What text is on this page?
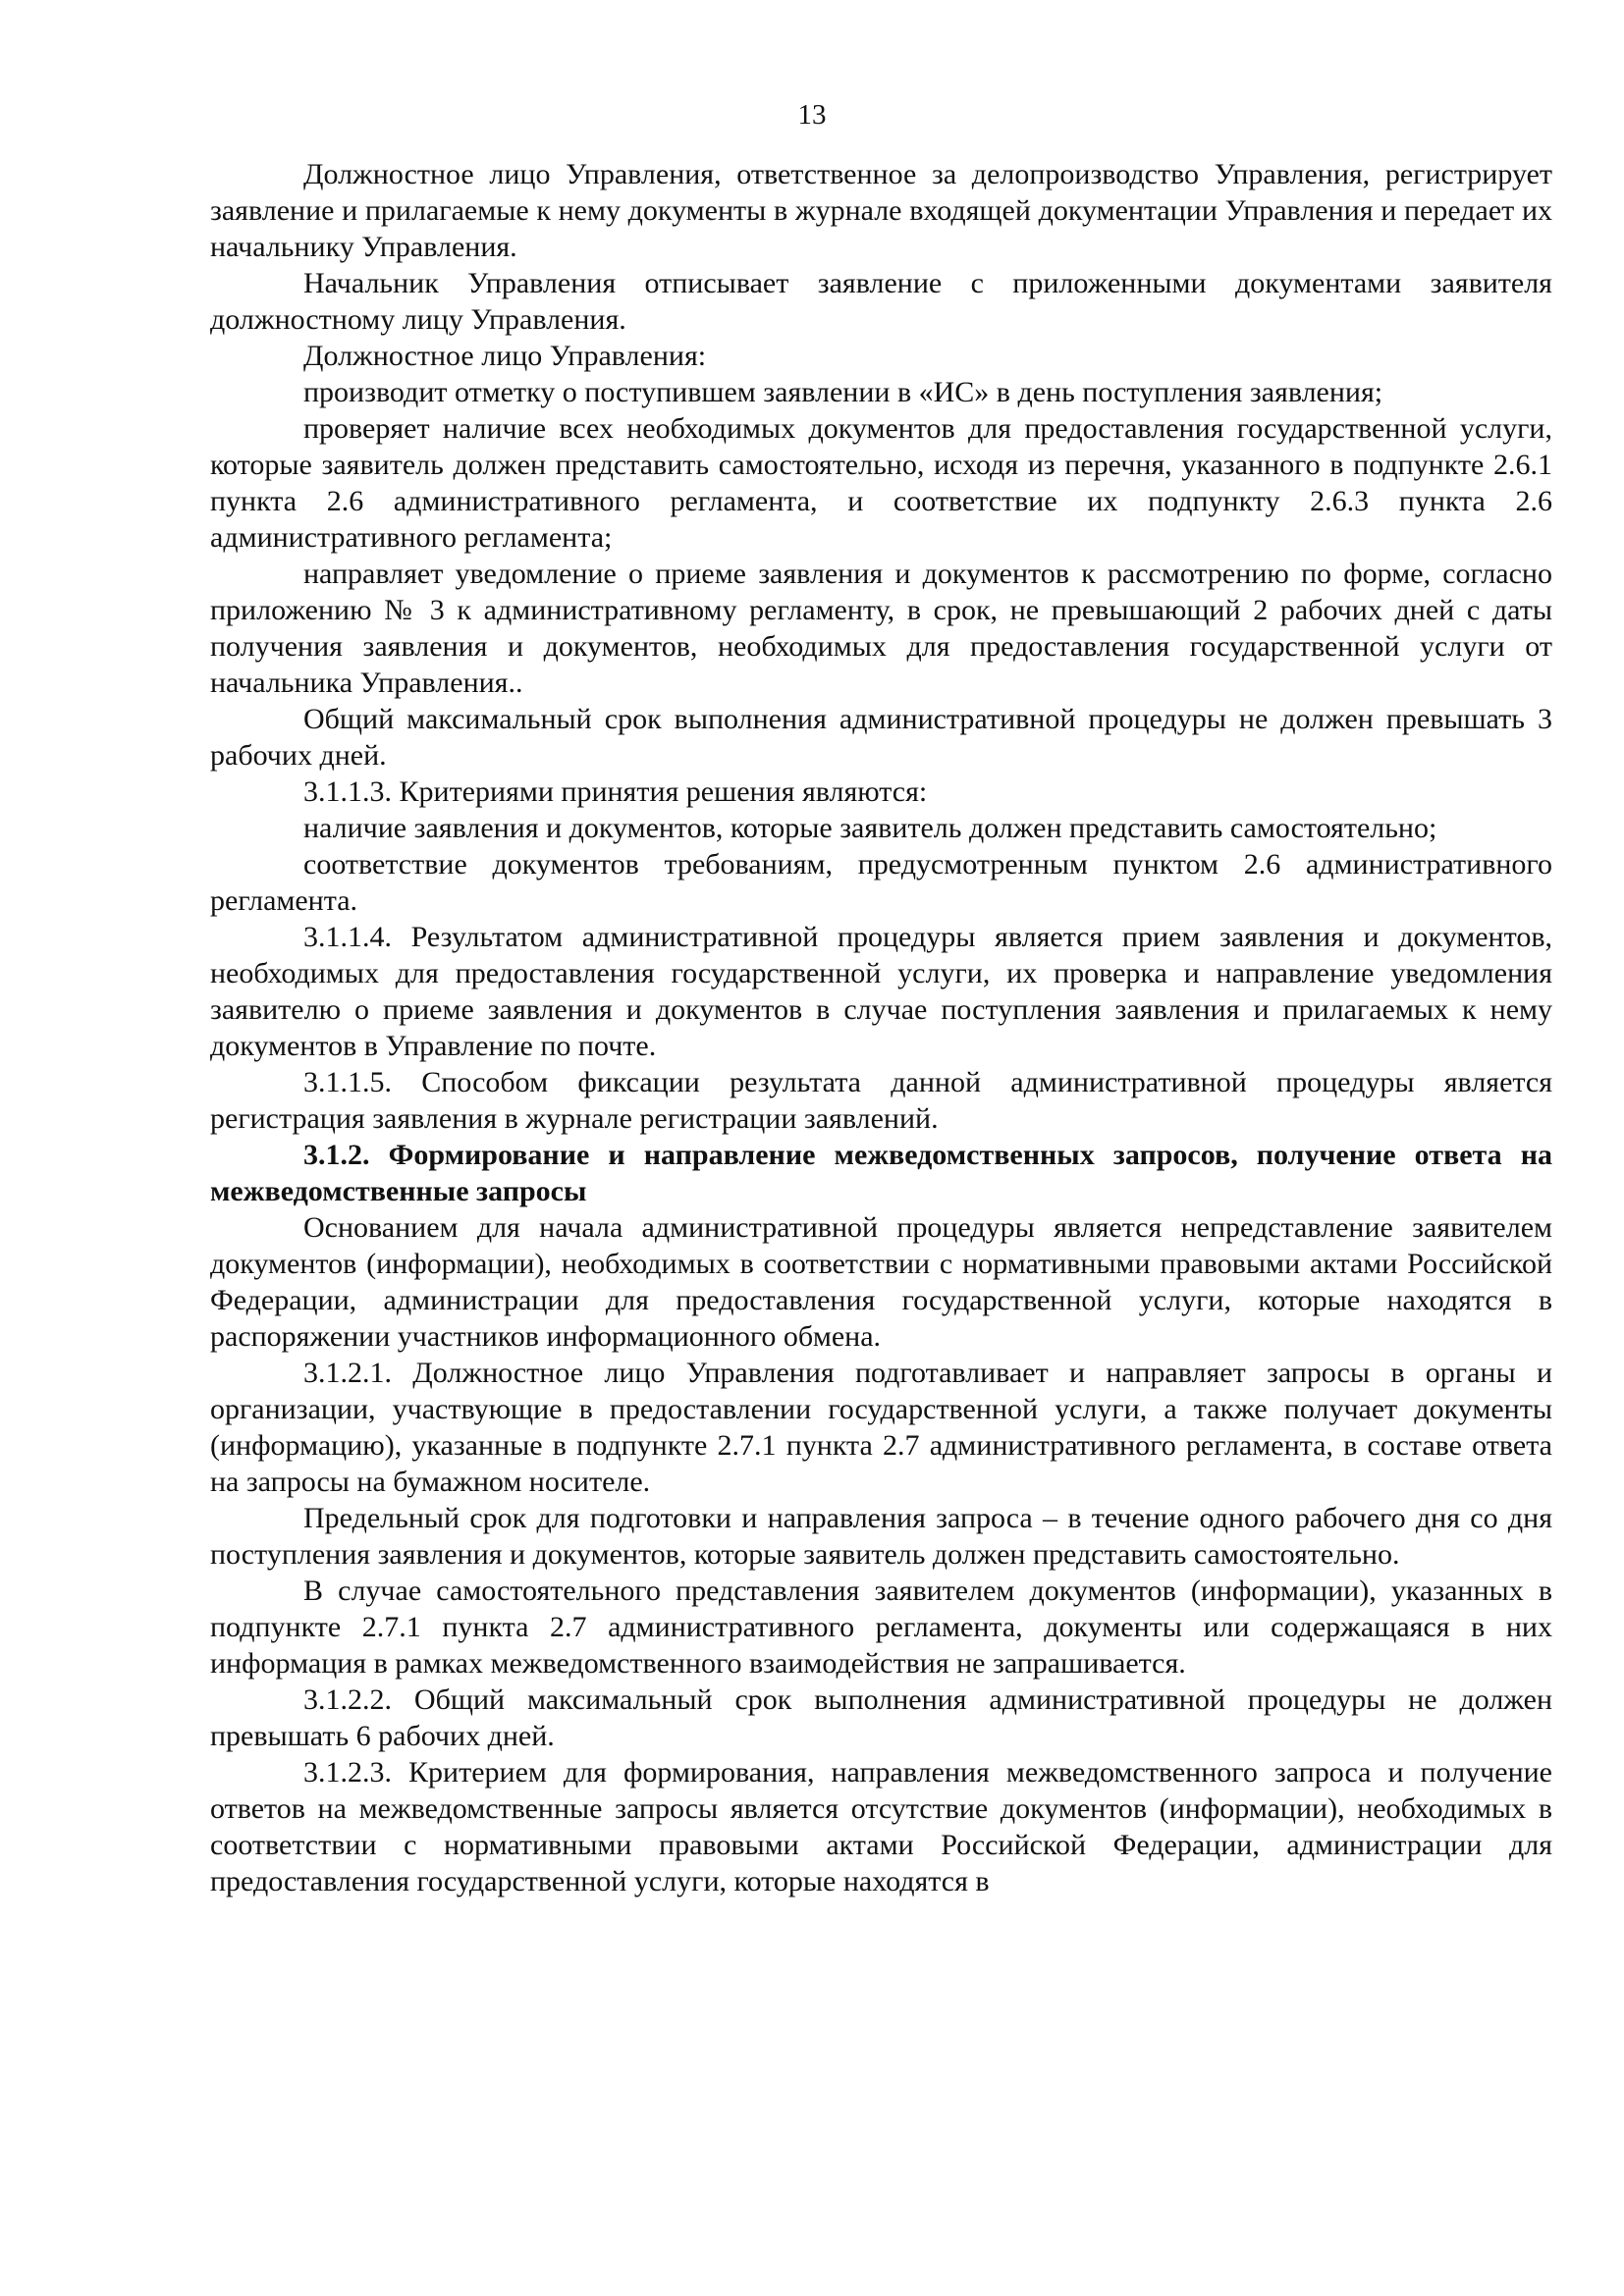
13

Должностное лицо Управления, ответственное за делопроизводство Управления, регистрирует заявление и прилагаемые к нему документы в журнале входящей документации Управления и передает их начальнику Управления.

Начальник Управления отписывает заявление с приложенными документами заявителя должностному лицу Управления.

Должностное лицо Управления:

производит отметку о поступившем заявлении в «ИС» в день поступления заявления;

проверяет наличие всех необходимых документов для предоставления государственной услуги, которые заявитель должен представить самостоятельно, исходя из перечня, указанного в подпункте 2.6.1 пункта 2.6 административного регламента, и соответствие их подпункту 2.6.3 пункта 2.6 административного регламента;

направляет уведомление о приеме заявления и документов к рассмотрению по форме, согласно приложению № 3 к административному регламенту, в срок, не превышающий 2 рабочих дней с даты получения заявления и документов, необходимых для предоставления государственной услуги от начальника Управления..

Общий максимальный срок выполнения административной процедуры не должен превышать 3 рабочих дней.

3.1.1.3. Критериями принятия решения являются:

наличие заявления и документов, которые заявитель должен представить самостоятельно;

соответствие документов требованиям, предусмотренным пунктом 2.6 административного регламента.

3.1.1.4. Результатом административной процедуры является прием заявления и документов, необходимых для предоставления государственной услуги, их проверка и направление уведомления заявителю о приеме заявления и документов в случае поступления заявления и прилагаемых к нему документов в Управление по почте.

3.1.1.5. Способом фиксации результата данной административной процедуры является регистрация заявления в журнале регистрации заявлений.

3.1.2. Формирование и направление межведомственных запросов, получение ответа на межведомственные запросы

Основанием для начала административной процедуры является непредставление заявителем документов (информации), необходимых в соответствии с нормативными правовыми актами Российской Федерации, администрации для предоставления государственной услуги, которые находятся в распоряжении участников информационного обмена.

3.1.2.1. Должностное лицо Управления подготавливает и направляет запросы в органы и организации, участвующие в предоставлении государственной услуги, а также получает документы (информацию), указанные в подпункте 2.7.1 пункта 2.7 административного регламента, в составе ответа на запросы на бумажном носителе.

Предельный срок для подготовки и направления запроса – в течение одного рабочего дня со дня поступления заявления и документов, которые заявитель должен представить самостоятельно.

В случае самостоятельного представления заявителем документов (информации), указанных в подпункте 2.7.1 пункта 2.7 административного регламента, документы или содержащаяся в них информация в рамках межведомственного взаимодействия не запрашивается.

3.1.2.2. Общий максимальный срок выполнения административной процедуры не должен превышать 6 рабочих дней.

3.1.2.3. Критерием для формирования, направления межведомственного запроса и получение ответов на межведомственные запросы является отсутствие документов (информации), необходимых в соответствии с нормативными правовыми актами Российской Федерации, администрации для предоставления государственной услуги, которые находятся в
